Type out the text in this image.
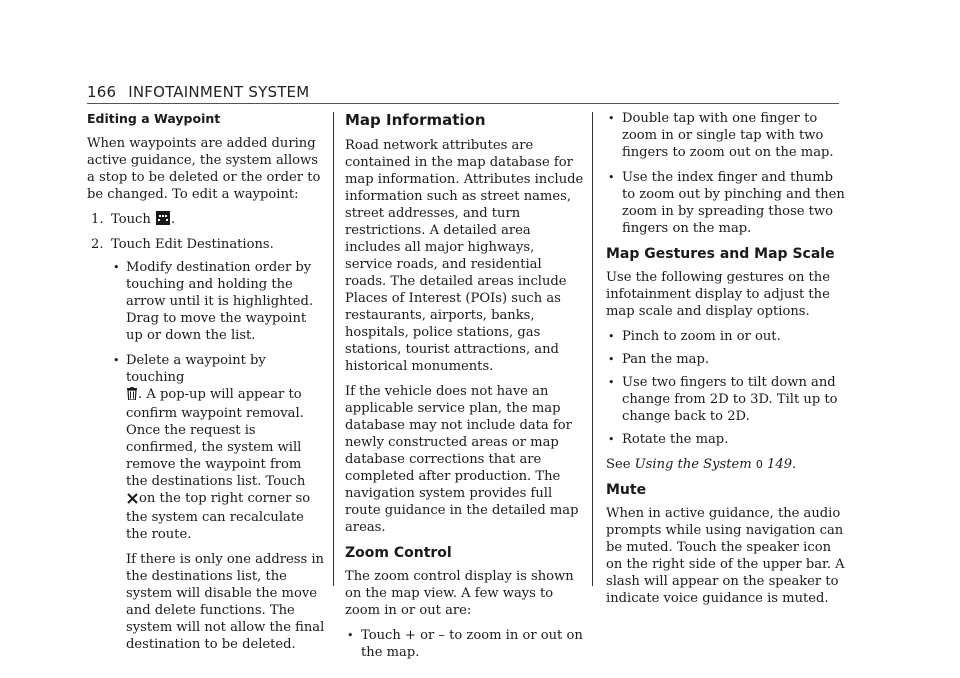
166 INFOTAINMENT SYSTEM
Editing a Waypoint

When waypoints are added during active guidance, the system allows a stop to be deleted or the order to be changed. To edit a waypoint:

1. Touch .
2. Touch Edit Destinations.
• Modify destination order by touching and holding the arrow until it is highlighted. Drag to move the waypoint up or down the list.
• Delete a waypoint by touching
. A pop-up will appear to confirm waypoint removal. Once the request is confirmed, the system will remove the waypoint from the destinations list. Touch
on the top right corner so the system can recalculate the route.

If there is only one address in the destinations list, the system will disable the move and delete functions. The system will not allow the final destination to be deleted.

Map Information

Road network attributes are contained in the map database for map information. Attributes include information such as street names, street addresses, and turn restrictions. A detailed area includes all major highways, service roads, and residential roads. The detailed areas include Places of Interest (POIs) such as restaurants, airports, banks, hospitals, police stations, gas stations, tourist attractions, and historical monuments.

If the vehicle does not have an applicable service plan, the map database may not include data for newly constructed areas or map database corrections that are completed after production. The navigation system provides full route guidance in the detailed map areas.

Zoom Control

The zoom control display is shown on the map view. A few ways to zoom in or out are:

• Touch + or – to zoom in or out on the map.
• Double tap with one finger to zoom in or single tap with two fingers to zoom out on the map.
• Use the index finger and thumb to zoom out by pinching and then zoom in by spreading those two fingers on the map.
Map Gestures and Map Scale

Use the following gestures on the infotainment display to adjust the map scale and display options.

• Pinch to zoom in or out.
• Pan the map.
• Use two fingers to tilt down and change from 2D to 3D. Tilt up to change back to 2D.
• Rotate the map.

See Using the System 0 149.

Mute

When in active guidance, the audio prompts while using navigation can be muted. Touch the speaker icon on the right side of the upper bar. A slash will appear on the speaker to indicate voice guidance is muted.
